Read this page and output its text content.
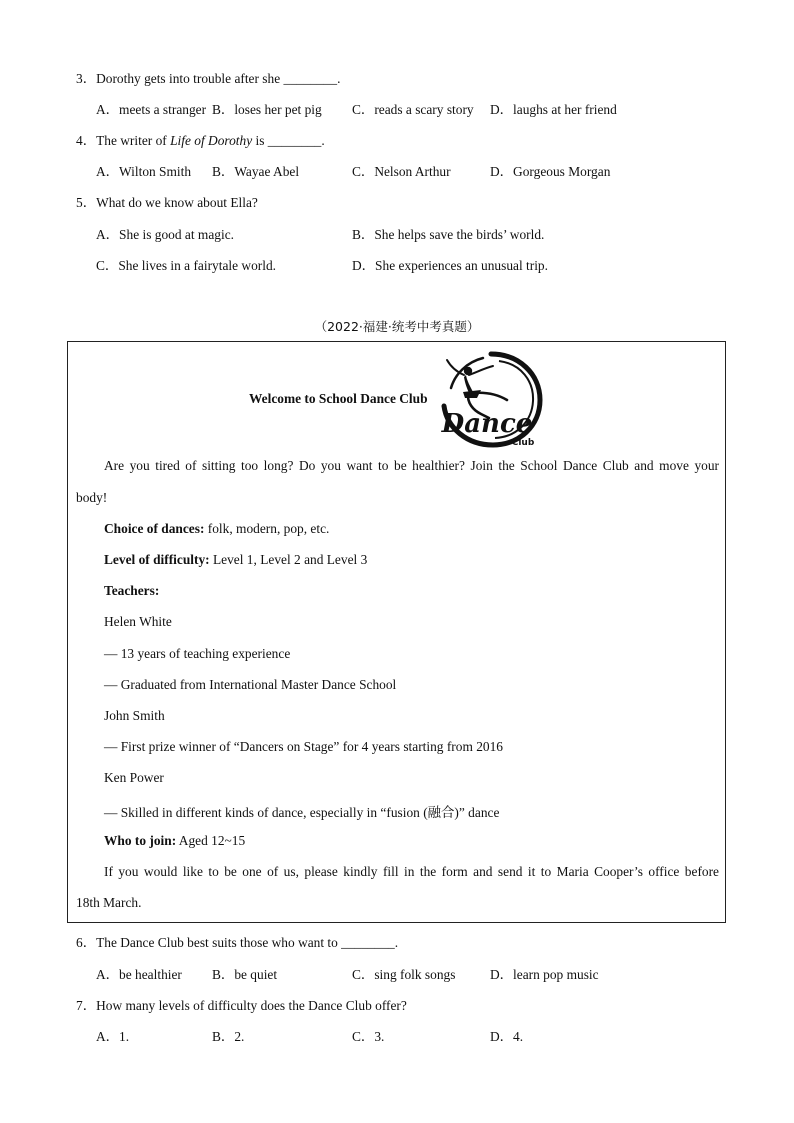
3．Dorothy gets into trouble after she ________.
A．meets a stranger B．loses her pet pig C．reads a scary story D．laughs at her friend
4．The writer of Life of Dorothy is ________.
A．Wilton Smith B．Wayae Abel	C．Nelson Arthur	D．Gorgeous Morgan
5．What do we know about Ella?
A．She is good at magic.	B．She helps save the birds’ world.
C．She lives in a fairytale world.	D．She experiences an unusual trip.
（2022·福建·统考中考真题）
Welcome to School Dance Club
Dance
Club
Are you tired of sitting too long? Do you want to be healthier? Join the School Dance Club and move your
body!
Choice of dances: folk, modern, pop, etc.
Level of difficulty: Level 1, Level 2 and Level 3
Teachers:
Helen White
— 13 years of teaching experience
— Graduated from International Master Dance School
John Smith
— First prize winner of “Dancers on Stage” for 4 years starting from 2016
Ken Power
— Skilled in different kinds of dance, especially in “fusion (融合)” dance
Who to join: Aged 12~15
If you would like to be one of us, please kindly fill in the form and send it to Maria Cooper’s office before
18th March.
6．The Dance Club best suits those who want to ________.
A．be healthier B．be quiet	C．sing folk songs	D．learn pop music
7．How many levels of difficulty does the Dance Club offer?
A．1.	B．2.	C．3.	D．4.
